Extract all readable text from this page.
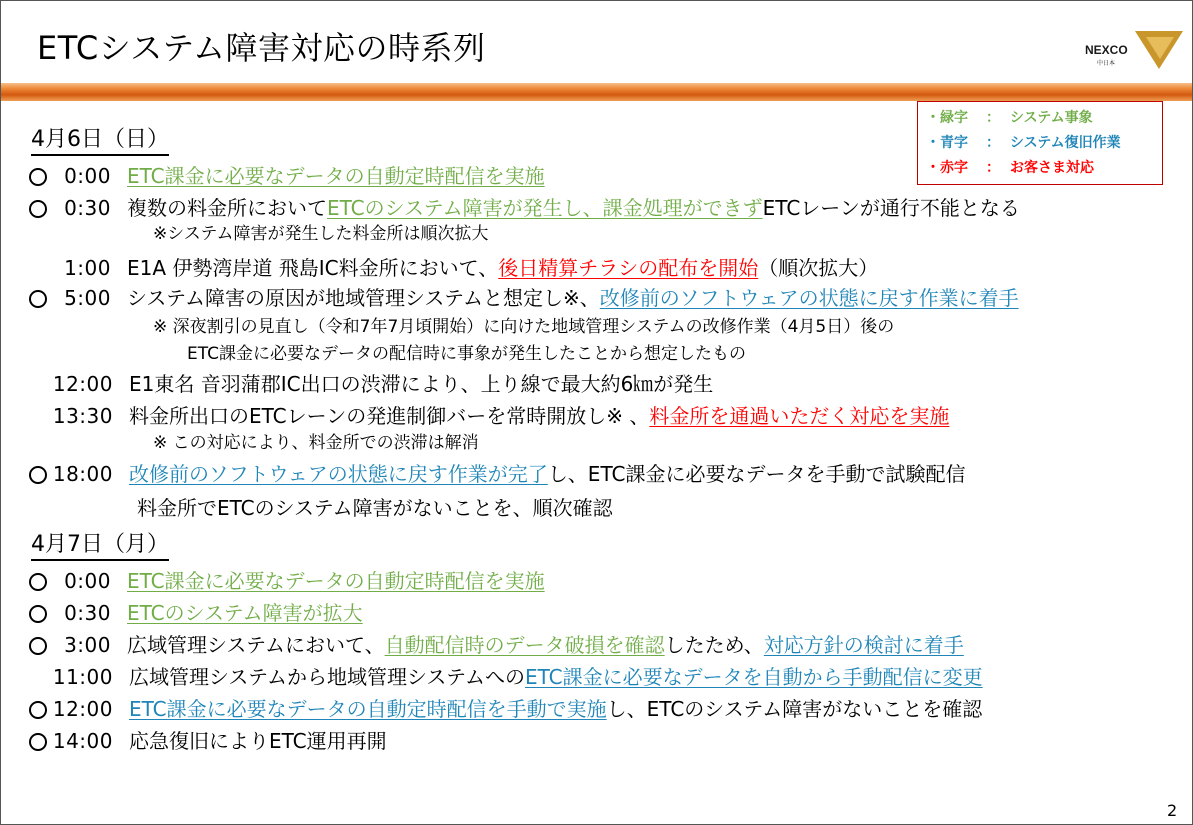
ETCシステム障害対応の時系列	NEXCO
中日本
・緑字 ： システム事象
・青字 ： システム復旧作業
・赤字 ： お客さま対応
4月6日（日）
0:00 ETC課金に必要なデータの自動定時配信を実施
0:30 複数の料金所においてETCのシステム障害が発生し、課金処理ができずETCレーンが通行不能となる
※システム障害が発生した料金所は順次拡大
1:00 E1A 伊勢湾岸道 飛島IC料金所において、後日精算チラシの配布を開始（順次拡大）
5:00 システム障害の原因が地域管理システムと想定し※、改修前のソフトウェアの状態に戻す作業に着手
※ 深夜割引の見直し（令和7年7月頃開始）に向けた地域管理システムの改修作業（4月5日）後の
ETC課金に必要なデータの配信時に事象が発生したことから想定したもの
12:00 E1東名 音羽蒲郡IC出口の渋滞により、上り線で最大約6㎞が発生
13:30 料金所出口のETCレーンの発進制御バーを常時開放し※ 、料金所を通過いただく対応を実施
※ この対応により、料金所での渋滞は解消
18:00 改修前のソフトウェアの状態に戻す作業が完了し、ETC課金に必要なデータを手動で試験配信
料金所でETCのシステム障害がないことを、順次確認
4月7日（月）
0:00 ETC課金に必要なデータの自動定時配信を実施
0:30 ETCのシステム障害が拡大
3:00 広域管理システムにおいて、自動配信時のデータ破損を確認したため、対応方針の検討に着手
11:00 広域管理システムから地域管理システムへのETC課金に必要なデータを自動から手動配信に変更
12:00 ETC課金に必要なデータの自動定時配信を手動で実施し、ETCのシステム障害がないことを確認
14:00 応急復旧によりETC運用再開
2
